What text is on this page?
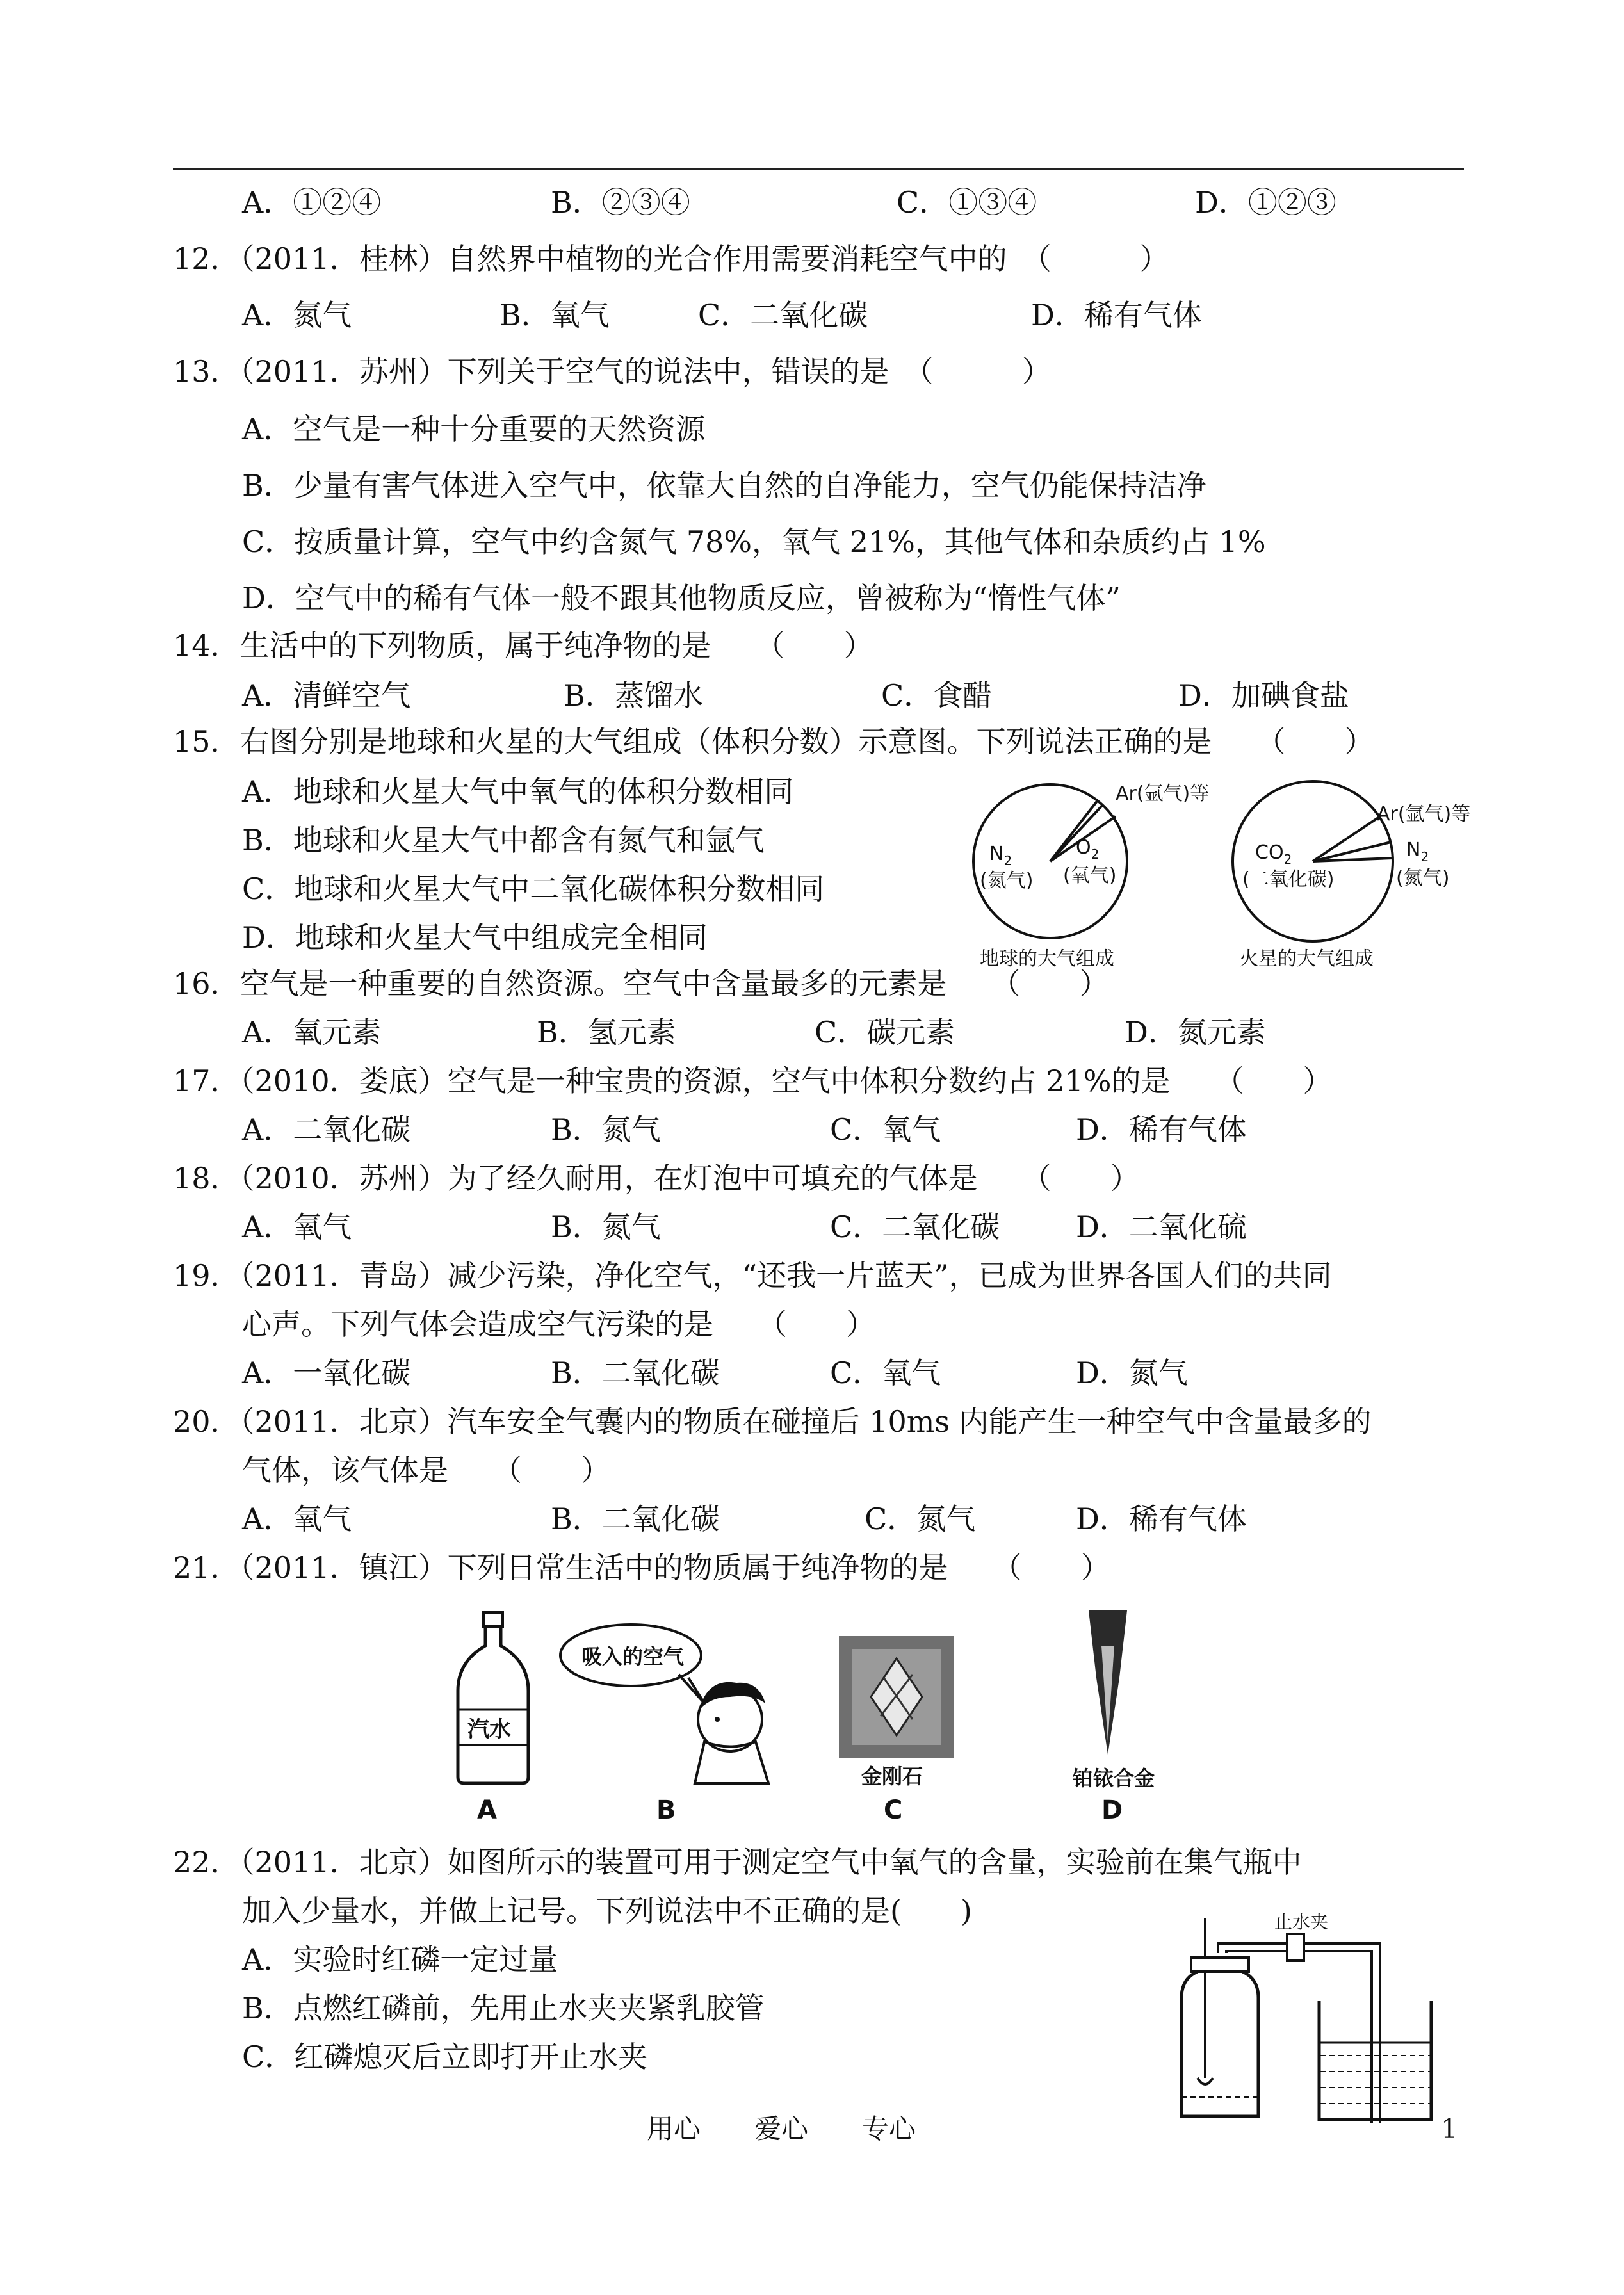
A．①②④	B．②③④	C．①③④	D．①②③
12．（2011．桂林）自然界中植物的光合作用需要消耗空气中的　（　　　）
A．氮气	B．氧气	C．二氧化碳	D．稀有气体
13．（2011．苏州）下列关于空气的说法中，错误的是　（　　　）
A．空气是一种十分重要的天然资源
B．少量有害气体进入空气中，依靠大自然的自净能力，空气仍能保持洁净
C．按质量计算，空气中约含氮气 78%，氧气 21%，其他气体和杂质约占 1%
D．空气中的稀有气体一般不跟其他物质反应，曾被称为“惰性气体”
14．生活中的下列物质，属于纯净物的是　　（　　）
A．清鲜空气	B．蒸馏水	C．食醋	D．加碘食盐
15．右图分别是地球和火星的大气组成（体积分数）示意图。下列说法正确的是　　（　　）
A．地球和火星大气中氧气的体积分数相同
B．地球和火星大气中都含有氮气和氩气
C．地球和火星大气中二氧化碳体积分数相同
D．地球和火星大气中组成完全相同
Ar(氩气)等
$N_2$
(氮气)
$O_2$
(氧气)
地球的大气组成
Ar(氩气)等
$CO_2$
(二氧化碳)
$N_2$
(氮气)
火星的大气组成
16．空气是一种重要的自然资源。空气中含量最多的元素是　　（　　）
A．氧元素	B．氢元素	C．碳元素	D．氮元素
17．（2010．娄底）空气是一种宝贵的资源，空气中体积分数约占 21%的是　　（　　）
A．二氧化碳	B．氮气	C．氧气	D．稀有气体
18．（2010．苏州）为了经久耐用，在灯泡中可填充的气体是　　（　　）
A．氧气	B．氮气	C．二氧化碳	D．二氧化硫
19．（2011．青岛）减少污染，净化空气，“还我一片蓝天”，已成为世界各国人们的共同
心声。下列气体会造成空气污染的是　　（　　）
A．一氧化碳	B．二氧化碳	C．氧气	D．氮气
20．（2011．北京）汽车安全气囊内的物质在碰撞后 10ms 内能产生一种空气中含量最多的
气体，该气体是　　（　　）
A．氧气	B．二氧化碳	C．氮气	D．稀有气体
21．（2011．镇江）下列日常生活中的物质属于纯净物的是　　（　　）
汽水
A
吸入的空气
B
金刚石
C
铂铱合金
D
22．（2011．北京）如图所示的装置可用于测定空气中氧气的含量，实验前在集气瓶中
加入少量水，并做上记号。下列说法中不正确的是(　　)
A．实验时红磷一定过量
B．点燃红磷前，先用止水夹夹紧乳胶管
C．红磷熄灭后立即打开止水夹
止水夹
用心　　爱心　　专心	1
